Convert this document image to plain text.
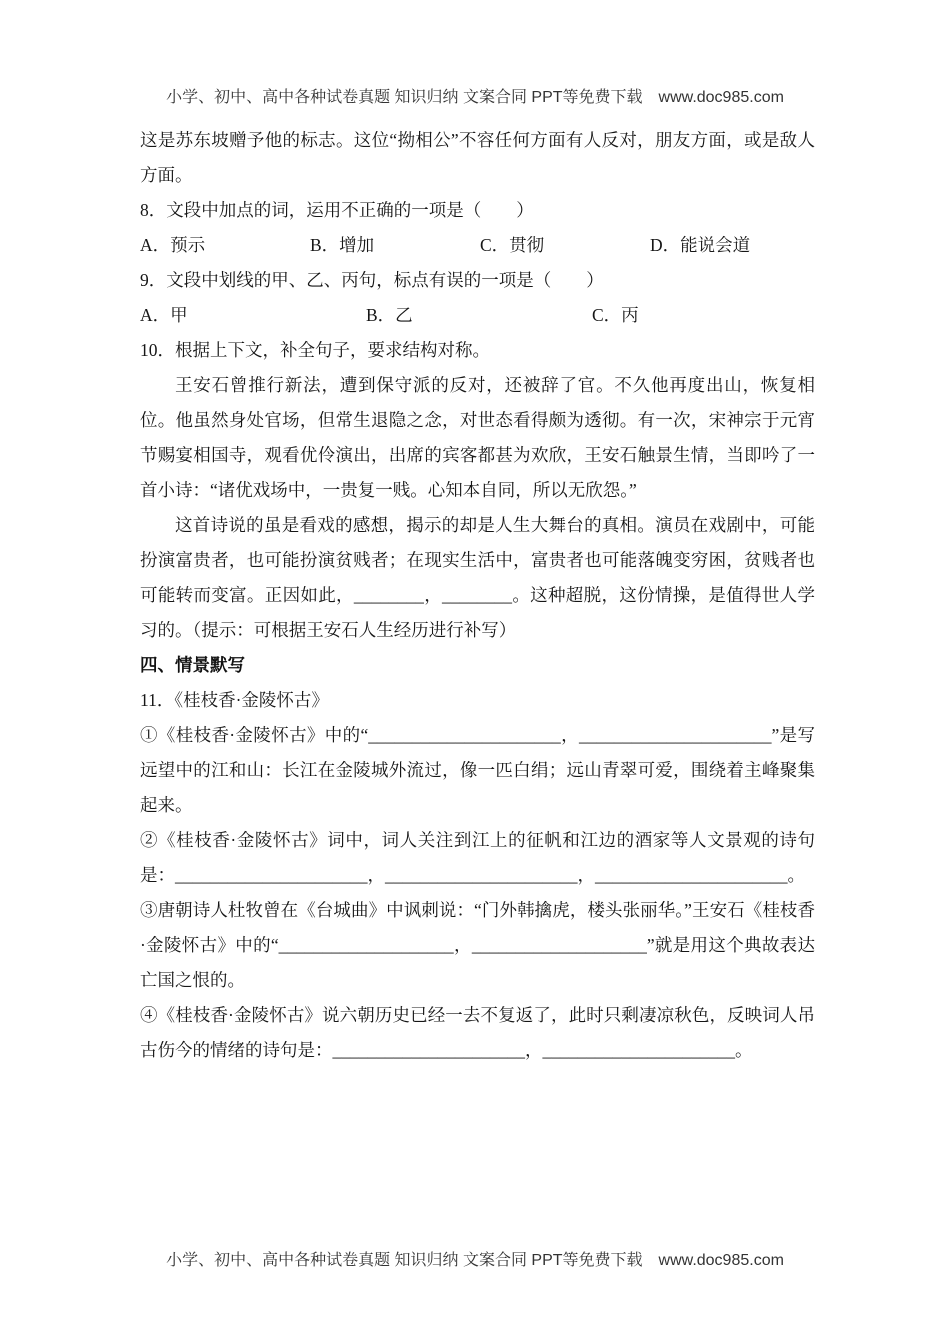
小学、初中、高中各种试卷真题 知识归纳 文案合同 PPT等免费下载 www.doc985.com

这是苏东坡赠予他的标志。这位“拗相公”不容任何方面有人反对，朋友方面，或是敌人方面。

8．文段中加点的词，运用不正确的一项是（　　）

A．预示	B．增加	C．贯彻	D．能说会道

9．文段中划线的甲、乙、丙句，标点有误的一项是（　　）

A．甲	B．乙	C．丙

10．根据上下文，补全句子，要求结构对称。

王安石曾推行新法，遭到保守派的反对，还被辞了官。不久他再度出山，恢复相位。他虽然身处官场，但常生退隐之念，对世态看得颇为透彻。有一次，宋神宗于元宵节赐宴相国寺，观看优伶演出，出席的宾客都甚为欢欣，王安石触景生情，当即吟了一首小诗：“诸优戏场中，一贵复一贱。心知本自同，所以无欣怨。”

这首诗说的虽是看戏的感想，揭示的却是人生大舞台的真相。演员在戏剧中，可能扮演富贵者，也可能扮演贫贱者；在现实生活中，富贵者也可能落魄变穷困，贫贱者也可能转而变富。正因如此，________，________。这种超脱，这份情操，是值得世人学习的。（提示：可根据王安石人生经历进行补写）

四、情景默写

11．《桂枝香·金陵怀古》

①《桂枝香·金陵怀古》中的“______________________，______________________”是写远望中的江和山：长江在金陵城外流过，像一匹白绢；远山青翠可爱，围绕着主峰聚集起来。

②《桂枝香·金陵怀古》词中，词人关注到江上的征帆和江边的酒家等人文景观的诗句是：______________________，______________________，______________________。

③唐朝诗人杜牧曾在《台城曲》中讽刺说：“门外韩擒虎，楼头张丽华。”王安石《桂枝香·金陵怀古》中的“____________________，____________________”就是用这个典故表达亡国之恨的。

④《桂枝香·金陵怀古》说六朝历史已经一去不复返了，此时只剩凄凉秋色，反映词人吊古伤今的情绪的诗句是：______________________，______________________。

小学、初中、高中各种试卷真题 知识归纳 文案合同 PPT等免费下载 www.doc985.com
